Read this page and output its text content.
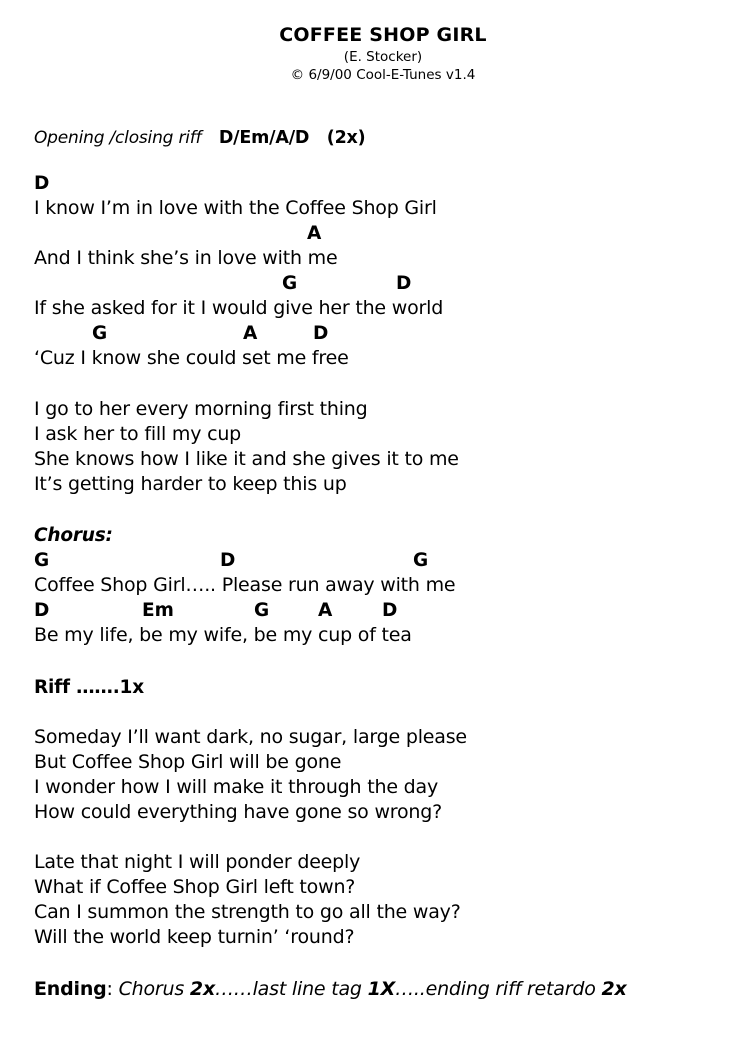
COFFEE SHOP GIRL
(E. Stocker)
© 6/9/00 Cool-E-Tunes v1.4
Opening /closing riff D/Em/A/D (2x)
D
I know I’m in love with the Coffee Shop Girl
A
And I think she’s in love with me
G	D
If she asked for it I would give her the world
G	A	D
‘Cuz I know she could set me free
I go to her every morning first thing
I ask her to fill my cup
She knows how I like it and she gives it to me
It’s getting harder to keep this up
Chorus:
G	D	G
Coffee Shop Girl….. Please run away with me
D	Em	G	A	D
Be my life, be my wife, be my cup of tea
Riff …….1x
Someday I’ll want dark, no sugar, large please
But Coffee Shop Girl will be gone
I wonder how I will make it through the day
How could everything have gone so wrong?
Late that night I will ponder deeply
What if Coffee Shop Girl left town?
Can I summon the strength to go all the way?
Will the world keep turnin’ ‘round?
Ending: Chorus 2x……last line tag 1X…..ending riff retardo 2x
